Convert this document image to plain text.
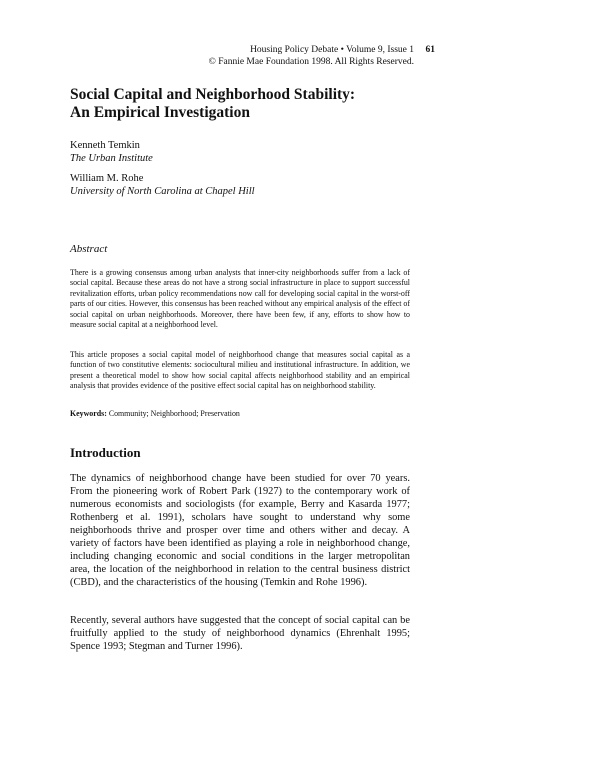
Housing Policy Debate • Volume 9, Issue 1 61
© Fannie Mae Foundation 1998. All Rights Reserved.
Social Capital and Neighborhood Stability:
An Empirical Investigation
Kenneth Temkin
The Urban Institute
William M. Rohe
University of North Carolina at Chapel Hill
Abstract

There is a growing consensus among urban analysts that inner-city neighborhoods suffer from a lack of social capital. Because these areas do not have a strong social infrastructure in place to support successful revitalization efforts, urban policy recommendations now call for developing social capital in the worst-off parts of our cities. However, this consensus has been reached without any empirical analysis of the effect of social capital on urban neighborhoods. Moreover, there have been few, if any, efforts to show how to measure social capital at a neighborhood level.

This article proposes a social capital model of neighborhood change that measures social capital as a function of two constitutive elements: sociocultural milieu and institutional infrastructure. In addition, we present a theoretical model to show how social capital affects neighborhood stability and an empirical analysis that provides evidence of the positive effect social capital has on neighborhood stability.

Keywords: Community; Neighborhood; Preservation

Introduction

The dynamics of neighborhood change have been studied for over 70 years. From the pioneering work of Robert Park (1927) to the contemporary work of numerous economists and sociologists (for example, Berry and Kasarda 1977; Rothenberg et al. 1991), scholars have sought to understand why some neighborhoods thrive and prosper over time and others wither and decay. A variety of factors have been identified as playing a role in neighborhood change, including changing economic and social conditions in the larger metropolitan area, the location of the neighborhood in relation to the central business district (CBD), and the characteristics of the housing (Temkin and Rohe 1996).

Recently, several authors have suggested that the concept of social capital can be fruitfully applied to the study of neighborhood dynamics (Ehrenhalt 1995; Spence 1993; Stegman and Turner 1996).
